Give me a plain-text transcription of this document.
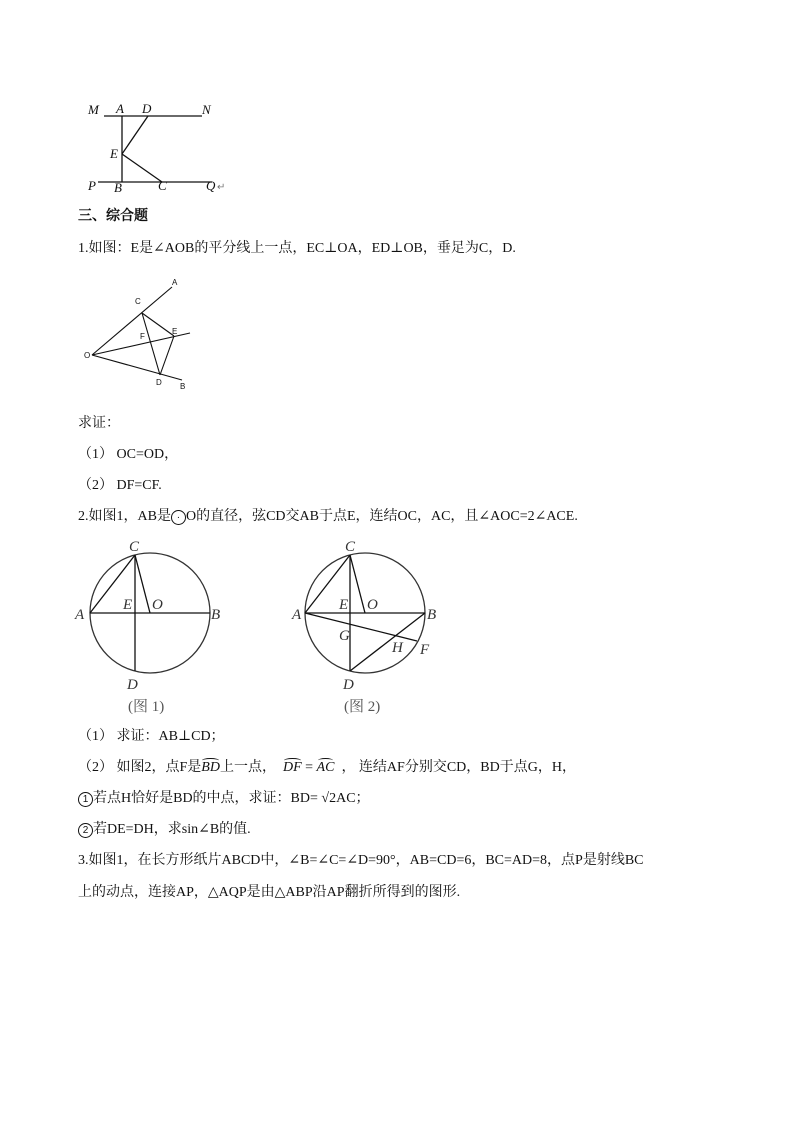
M A D	N
E
P B	C	Q ↵
三、综合题
1.如图：E是∠AOB的平分线上一点，EC⊥OA，ED⊥OB，垂足为C，D.
A
C
F
E
O
D B
求证：
（1） OC=OD，
（2） DF=CF.
2.如图1，AB是 · O的直径，弦CD交AB于点E，连结OC，AC，且∠AOC=2∠ACE.
C
A
E O
B
D
(图 1)
C
A
E O
B
G
H F
D
(图 2)
（1） 求证：AB⊥CD；
（2） 如图2，点F是BD上一点， DF = AC ， 连结AF分别交CD，BD于点G，H，
1 若点H恰好是BD的中点，求证：BD= √2AC；
2 若DE=DH，求sin∠B的值.
3.如图1，在长方形纸片ABCD中，∠B=∠C=∠D=90°，AB=CD=6，BC=AD=8，点P是射线BC
上的动点，连接AP，△AQP是由△ABP沿AP翻折所得到的图形.
